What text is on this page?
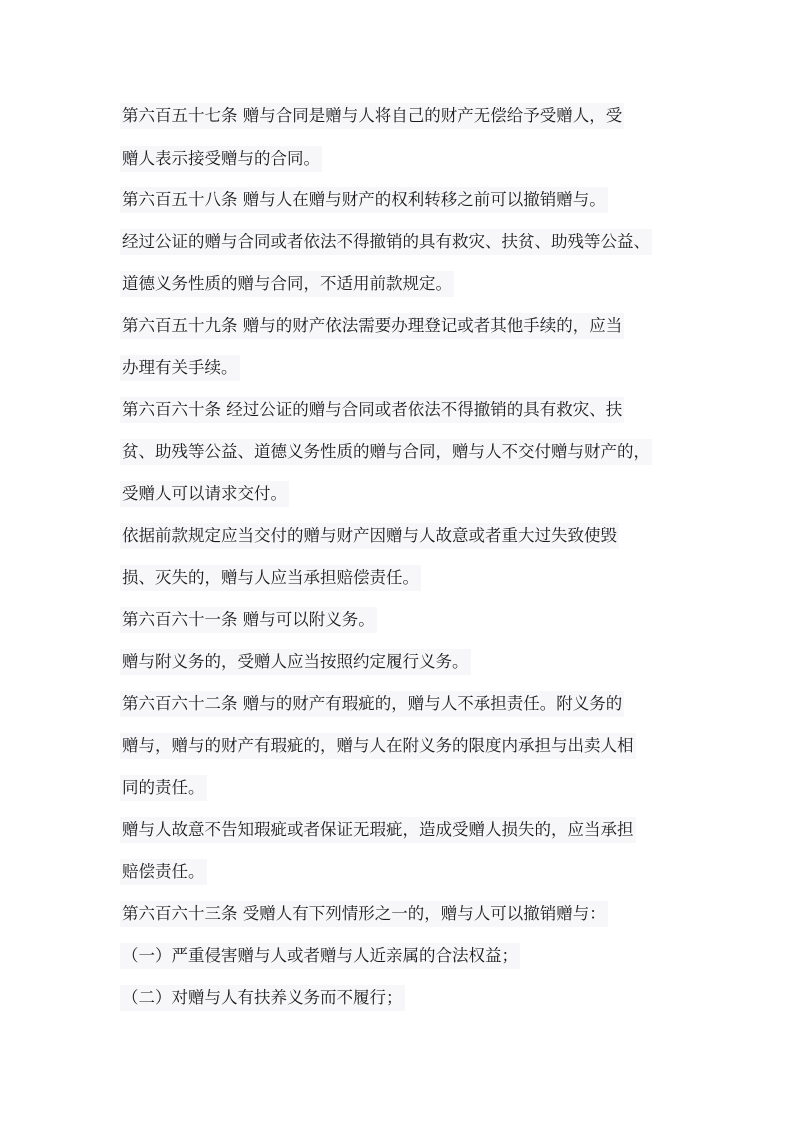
第六百五十七条 赠与合同是赠与人将自己的财产无偿给予受赠人，受
赠人表示接受赠与的合同。
第六百五十八条 赠与人在赠与财产的权利转移之前可以撤销赠与。
经过公证的赠与合同或者依法不得撤销的具有救灾、扶贫、助残等公益、
道德义务性质的赠与合同，不适用前款规定。
第六百五十九条 赠与的财产依法需要办理登记或者其他手续的，应当
办理有关手续。
第六百六十条 经过公证的赠与合同或者依法不得撤销的具有救灾、扶
贫、助残等公益、道德义务性质的赠与合同，赠与人不交付赠与财产的，
受赠人可以请求交付。
依据前款规定应当交付的赠与财产因赠与人故意或者重大过失致使毁
损、灭失的，赠与人应当承担赔偿责任。
第六百六十一条 赠与可以附义务。
赠与附义务的，受赠人应当按照约定履行义务。
第六百六十二条 赠与的财产有瑕疵的，赠与人不承担责任。附义务的
赠与，赠与的财产有瑕疵的，赠与人在附义务的限度内承担与出卖人相
同的责任。
赠与人故意不告知瑕疵或者保证无瑕疵，造成受赠人损失的，应当承担
赔偿责任。
第六百六十三条 受赠人有下列情形之一的，赠与人可以撤销赠与：
（一）严重侵害赠与人或者赠与人近亲属的合法权益；
（二）对赠与人有扶养义务而不履行；
